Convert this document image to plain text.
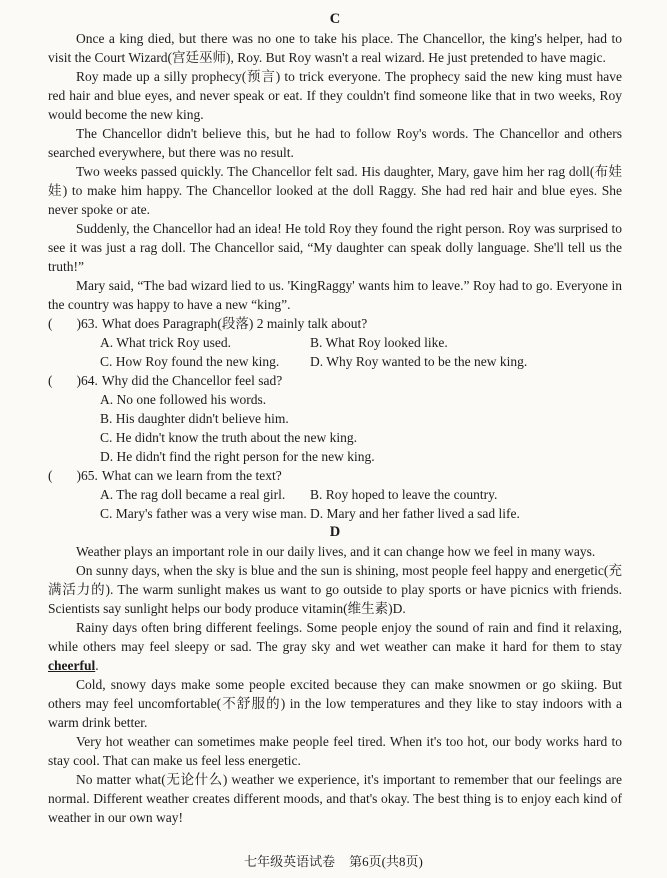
C

Once a king died, but there was no one to take his place. The Chancellor, the king's helper, had to visit the Court Wizard(宫廷巫师), Roy. But Roy wasn't a real wizard. He just pretended to have magic.

Roy made up a silly prophecy(预言) to trick everyone. The prophecy said the new king must have red hair and blue eyes, and never speak or eat. If they couldn't find someone like that in two weeks, Roy would become the new king.

The Chancellor didn't believe this, but he had to follow Roy's words. The Chancellor and others searched everywhere, but there was no result.

Two weeks passed quickly. The Chancellor felt sad. His daughter, Mary, gave him her rag doll(布娃娃) to make him happy. The Chancellor looked at the doll Raggy. She had red hair and blue eyes. She never spoke or ate.

Suddenly, the Chancellor had an idea! He told Roy they found the right person. Roy was surprised to see it was just a rag doll. The Chancellor said, “My daughter can speak dolly language. She'll tell us the truth!”

Mary said, “The bad wizard lied to us. 'KingRaggy' wants him to leave.” Roy had to go. Everyone in the country was happy to have a new “king”.

( )63. What does Paragraph(段落) 2 mainly talk about?
A. What trick Roy used.	B. What Roy looked like.
C. How Roy found the new king. D. Why Roy wanted to be the new king.
( )64. Why did the Chancellor feel sad?
A. No one followed his words.
B. His daughter didn't believe him.
C. He didn't know the truth about the new king.
D. He didn't find the right person for the new king.
( )65. What can we learn from the text?
A. The rag doll became a real girl. B. Roy hoped to leave the country.
C. Mary's father was a very wise man. D. Mary and her father lived a sad life.
D

Weather plays an important role in our daily lives, and it can change how we feel in many ways.

On sunny days, when the sky is blue and the sun is shining, most people feel happy and energetic(充满活力的). The warm sunlight makes us want to go outside to play sports or have picnics with friends. Scientists say sunlight helps our body produce vitamin(维生素)D.

Rainy days often bring different feelings. Some people enjoy the sound of rain and find it relaxing, while others may feel sleepy or sad. The gray sky and wet weather can make it hard for them to stay cheerful.

Cold, snowy days make some people excited because they can make snowmen or go skiing. But others may feel uncomfortable(不舒服的) in the low temperatures and they like to stay indoors with a warm drink better.

Very hot weather can sometimes make people feel tired. When it's too hot, our body works hard to stay cool. That can make us feel less energetic.

No matter what(无论什么) weather we experience, it's important to remember that our feelings are normal. Different weather creates different moods, and that's okay. The best thing is to enjoy each kind of weather in our own way!

七年级英语试卷 第6页(共8页)
